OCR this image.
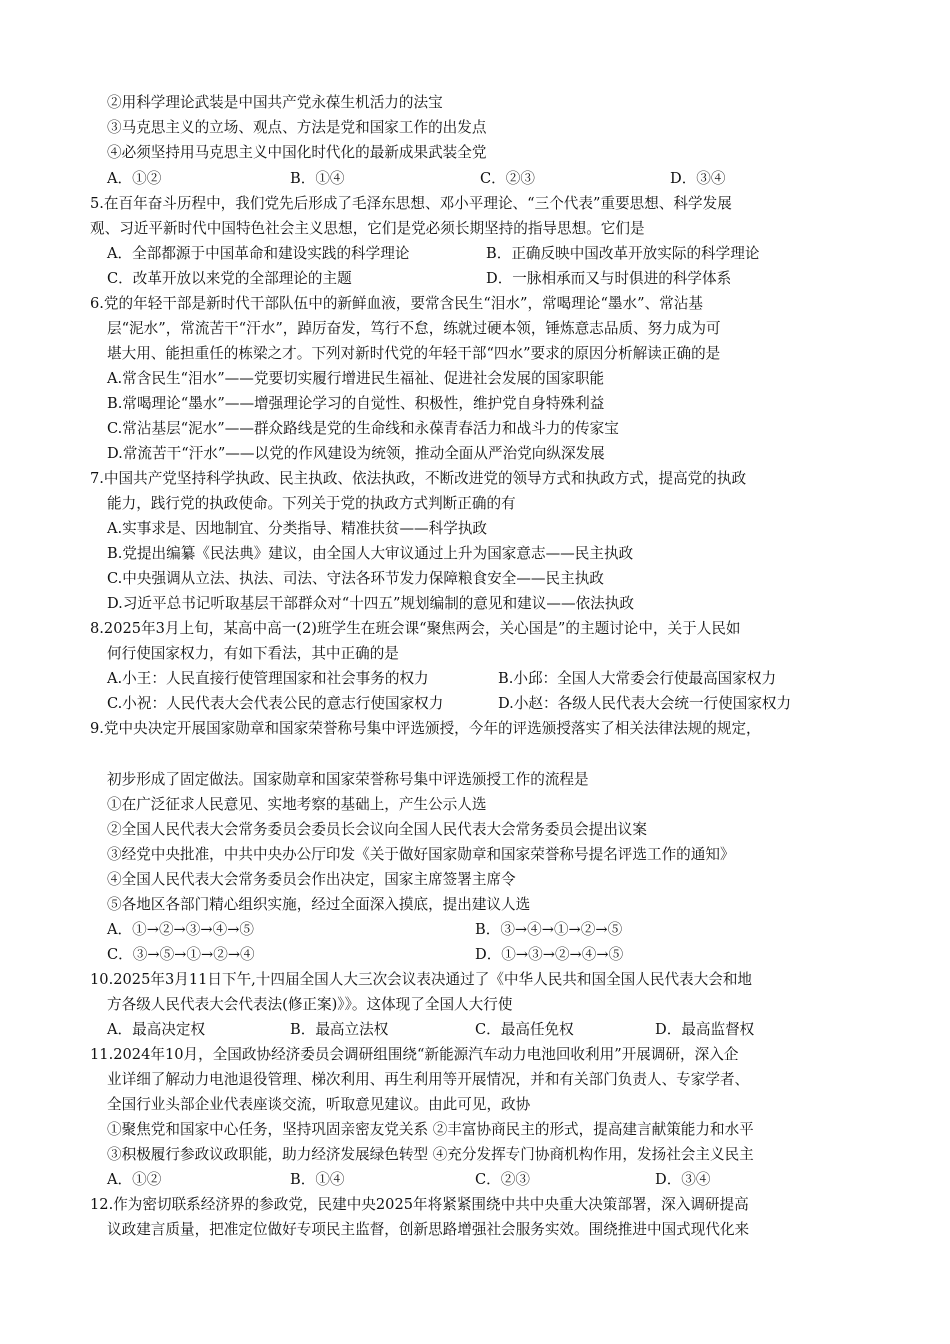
②用科学理论武装是中国共产党永葆生机活力的法宝
③马克思主义的立场、观点、方法是党和国家工作的出发点
④必须坚持用马克思主义中国化时代化的最新成果武装全党
A．①②	B．①④	C．②③	D．③④
5.在百年奋斗历程中，我们党先后形成了毛泽东思想、邓小平理论、“三个代表”重要思想、科学发展
观、习近平新时代中国特色社会主义思想，它们是党必须长期坚持的指导思想。它们是
A．全部都源于中国革命和建设实践的科学理论	B．正确反映中国改革开放实际的科学理论
C．改革开放以来党的全部理论的主题	D．一脉相承而又与时俱进的科学体系
6.党的年轻干部是新时代干部队伍中的新鲜血液，要常含民生“泪水”，常喝理论“墨水”、常沾基
层“泥水”，常流苦干“汗水”，踔厉奋发，笃行不怠，练就过硬本领，锤炼意志品质、努力成为可
堪大用、能担重任的栋梁之才。下列对新时代党的年轻干部“四水”要求的原因分析解读正确的是
A.常含民生“泪水”——党要切实履行增进民生福祉、促进社会发展的国家职能
B.常喝理论“墨水”——增强理论学习的自觉性、积极性，维护党自身特殊利益
C.常沾基层“泥水”——群众路线是党的生命线和永葆青春活力和战斗力的传家宝
D.常流苦干“汗水”——以党的作风建设为统领，推动全面从严治党向纵深发展
7.中国共产党坚持科学执政、民主执政、依法执政，不断改进党的领导方式和执政方式，提高党的执政
能力，践行党的执政使命。下列关于党的执政方式判断正确的有
A.实事求是、因地制宜、分类指导、精准扶贫——科学执政
B.党提出编纂《民法典》建议，由全国人大审议通过上升为国家意志——民主执政
C.中央强调从立法、执法、司法、守法各环节发力保障粮食安全——民主执政
D.习近平总书记听取基层干部群众对“十四五”规划编制的意见和建议——依法执政
8.2025年3月上旬，某高中高一(2)班学生在班会课“聚焦两会，关心国是”的主题讨论中，关于人民如
何行使国家权力，有如下看法，其中正确的是
A.小王：人民直接行使管理国家和社会事务的权力	B.小邱：全国人大常委会行使最高国家权力
C.小祝：人民代表大会代表公民的意志行使国家权力	D.小赵：各级人民代表大会统一行使国家权力
9.党中央决定开展国家勋章和国家荣誉称号集中评选颁授，今年的评选颁授落实了相关法律法规的规定，
初步形成了固定做法。国家勋章和国家荣誉称号集中评选颁授工作的流程是
①在广泛征求人民意见、实地考察的基础上，产生公示人选
②全国人民代表大会常务委员会委员长会议向全国人民代表大会常务委员会提出议案
③经党中央批准，中共中央办公厅印发《关于做好国家勋章和国家荣誉称号提名评选工作的通知》
④全国人民代表大会常务委员会作出决定，国家主席签署主席令
⑤各地区各部门精心组织实施，经过全面深入摸底，提出建议人选
A．①→②→③→④→⑤	B．③→④→①→②→⑤
C．③→⑤→①→②→④	D．①→③→②→④→⑤
10.2025年3月11日下午,十四届全国人大三次会议表决通过了《中华人民共和国全国人民代表大会和地
方各级人民代表大会代表法(修正案)》》。这体现了全国人大行使
A．最高决定权	B．最高立法权	C．最高任免权	D．最高监督权
11.2024年10月，全国政协经济委员会调研组围绕“新能源汽车动力电池回收利用”开展调研，深入企
业详细了解动力电池退役管理、梯次利用、再生利用等开展情况，并和有关部门负责人、专家学者、
全国行业头部企业代表座谈交流，听取意见建议。由此可见，政协
①聚焦党和国家中心任务，坚持巩固亲密友党关系 ②丰富协商民主的形式，提高建言献策能力和水平
③积极履行参政议政职能，助力经济发展绿色转型 ④充分发挥专门协商机构作用，发扬社会主义民主
A．①②	B．①④	C．②③	D．③④
12.作为密切联系经济界的参政党，民建中央2025年将紧紧围绕中共中央重大决策部署，深入调研提高
议政建言质量，把准定位做好专项民主监督，创新思路增强社会服务实效。围绕推进中国式现代化来
